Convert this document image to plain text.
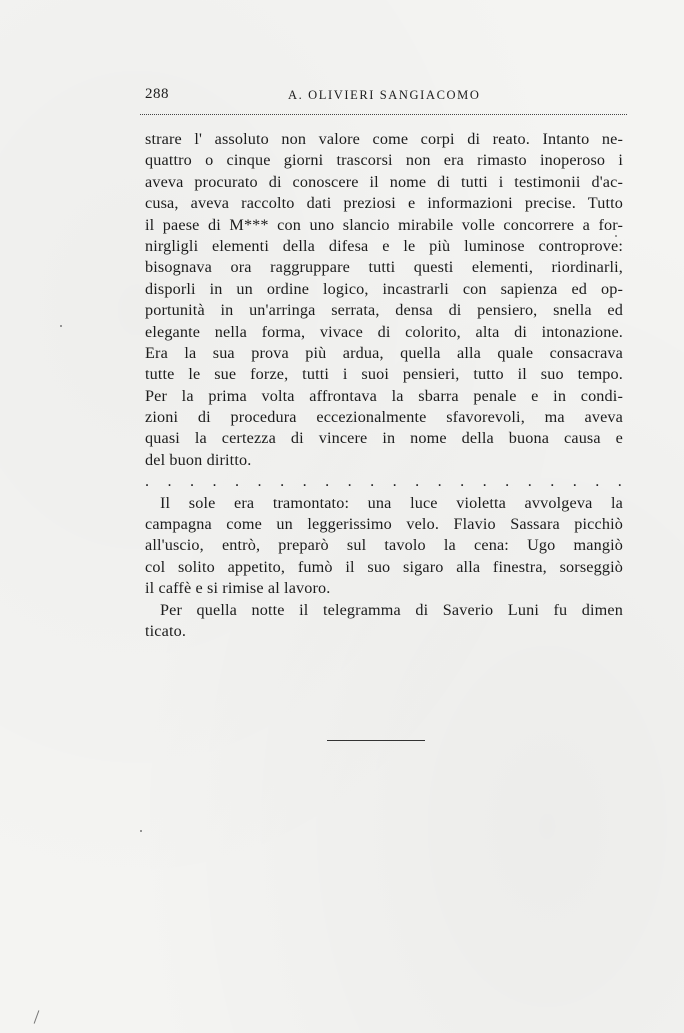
288	A. OLIVIERI SANGIACOMO
strare l' assoluto non valore come corpi di reato. Intanto ne-
quattro o cinque giorni trascorsi non era rimasto inoperoso i
aveva procurato di conoscere il nome di tutti i testimonii d'ac-
cusa, aveva raccolto dati preziosi e informazioni precise. Tutto
il paese di M*** con uno slancio mirabile volle concorrere a for-
nirgligli elementi della difesa e le più luminose controprove:
bisognava ora raggruppare tutti questi elementi, riordinarli,
disporli in un ordine logico, incastrarli con sapienza ed op-
portunità in un'arringa serrata, densa di pensiero, snella ed
elegante nella forma, vivace di colorito, alta di intonazione.
Era la sua prova più ardua, quella alla quale consacrava
tutte le sue forze, tutti i suoi pensieri, tutto il suo tempo.
Per la prima volta affrontava la sbarra penale e in condi-
zioni di procedura eccezionalmente sfavorevoli, ma aveva
quasi la certezza di vincere in nome della buona causa e
del buon diritto.
. . . . . . . . . . . . . . . . . . . . . .
Il sole era tramontato: una luce violetta avvolgeva la
campagna come un leggerissimo velo. Flavio Sassara picchiò
all'uscio, entrò, preparò sul tavolo la cena: Ugo mangiò
col solito appetito, fumò il suo sigaro alla finestra, sorseggiò
il caffè e si rimise al lavoro.
Per quella notte il telegramma di Saverio Luni fu dimen
ticato.
